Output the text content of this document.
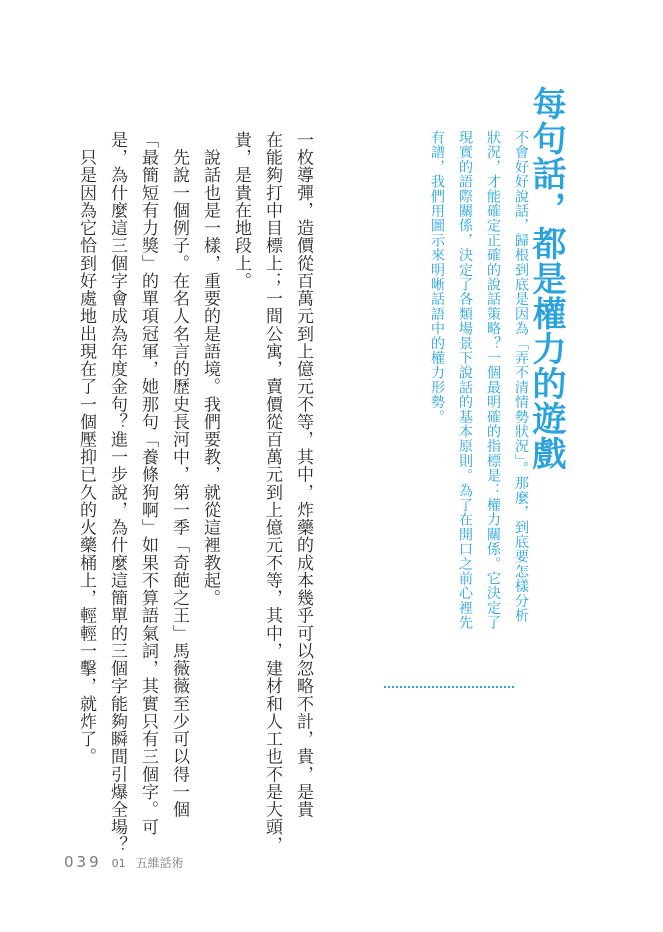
每句話，都是權力的遊戲
不會好好說話，歸根到底是因為「弄不清情勢狀況」。那麼，到底要怎樣分析
狀況，才能確定正確的說話策略？一個最明確的指標是：權力關係。它決定了
現實的語際關係，決定了各類場景下說話的基本原則。為了在開口之前心裡先
有譜，我們用圖示來明晰話語中的權力形勢。
一枚導彈，造價從百萬元到上億元不等，其中，炸藥的成本幾乎可以忽略不計，貴，是貴
在能夠打中目標上；一間公寓，賣價從百萬元到上億元不等，其中，建材和人工也不是大頭，
貴，是貴在地段上。
　說話也是一樣，重要的是語境。我們要教，就從這裡教起。
　先說一個例子。在名人名言的歷史長河中，第一季「奇葩之王」馬薇薇至少可以得一個
「最簡短有力獎」的單項冠軍，她那句「養條狗啊」如果不算語氣詞，其實只有三個字。可
是，為什麼這三個字會成為年度金句？進一步說，為什麼這簡單的三個字能夠瞬間引爆全場？
　只是因為它恰到好處地出現在了一個壓抑已久的火藥桶上，輕輕一擊，就炸了。
039 01 五維話術
